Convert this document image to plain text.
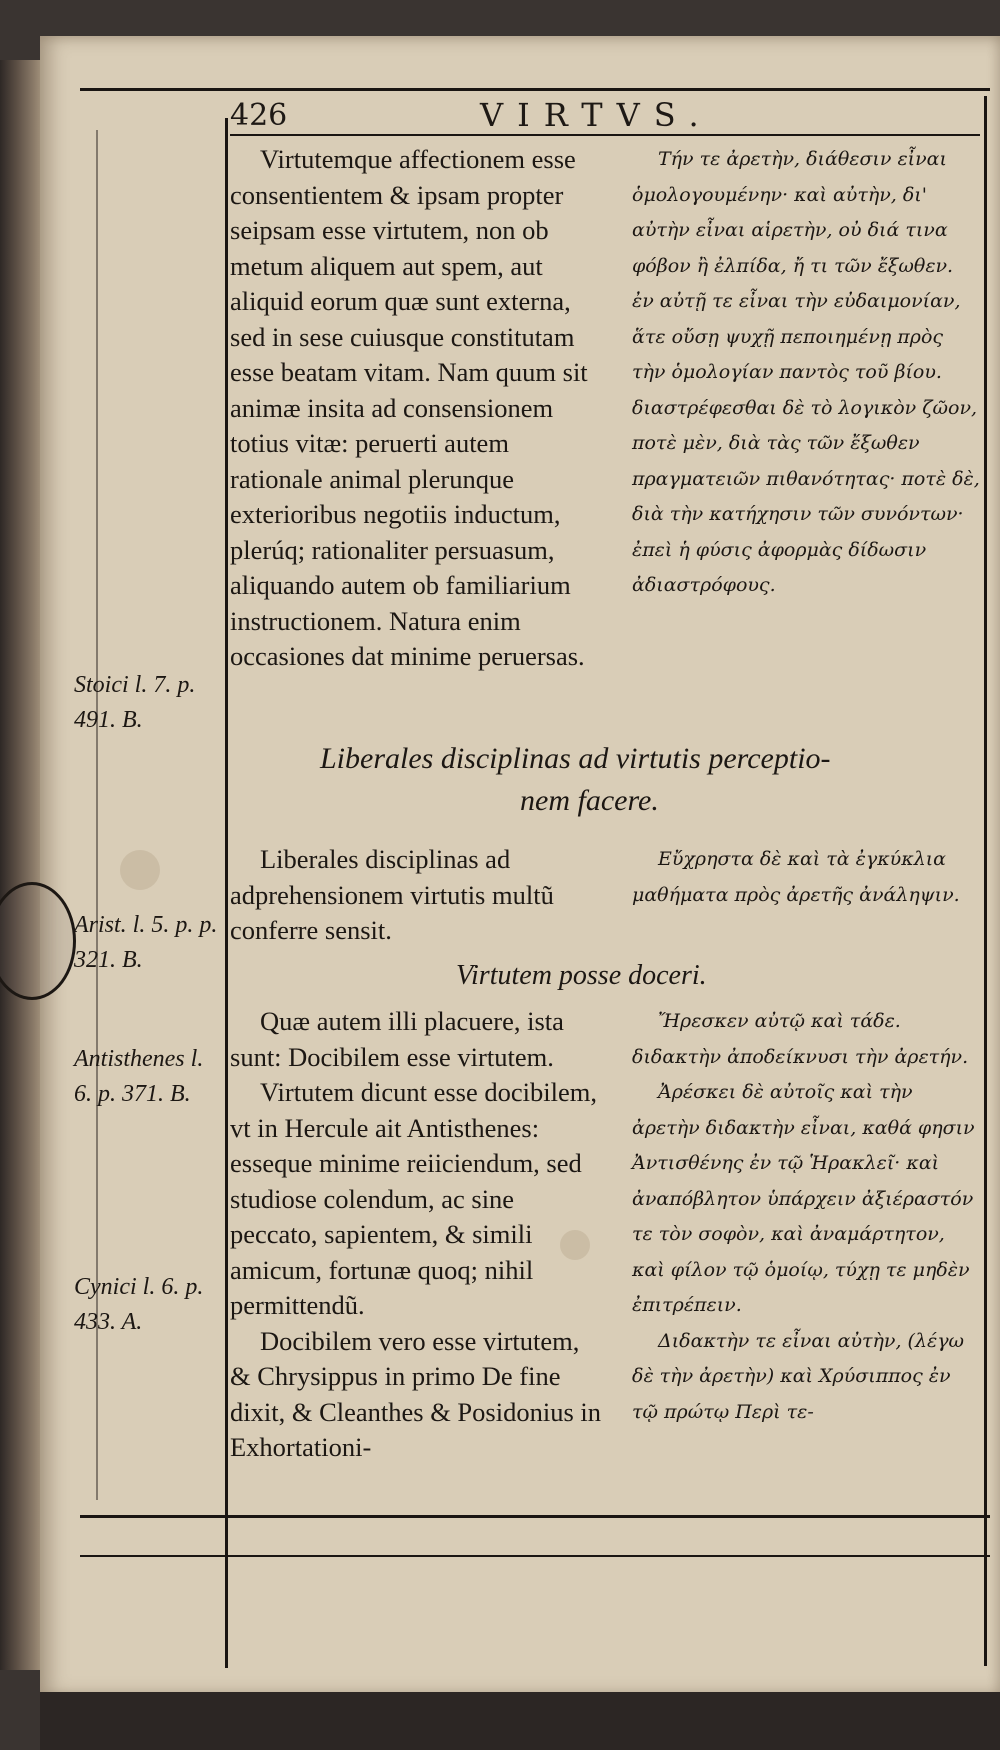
426	VIRTVS.

Virtutemque affectionem esse consentientem & ipsam propter seipsam esse virtutem, non ob metum aliquem aut spem, aut aliquid eorum quæ sunt externa, sed in sese cuiusque constitutam esse beatam vitam. Nam quum sit animæ insita ad consensionem totius vitæ: peruerti autem rationale animal plerunque exterioribus negotiis inductum, plerúq; rationaliter persuasum, aliquando autem ob familiarium instructionem. Natura enim occasiones dat minime peruersas.

Τήν τε ἀρετὴν, διάθεσιν εἶναι ὁμολογουμένην· καὶ αὐτὴν, δι' αὐτὴν εἶναι αἱρετὴν, οὐ διά τινα φόβον ἢ ἐλπίδα, ἤ τι τῶν ἔξωθεν. ἐν αὐτῇ τε εἶναι τὴν εὐδαιμονίαν, ἅτε οὔσῃ ψυχῇ πεποιημένῃ πρὸς τὴν ὁμολογίαν παντὸς τοῦ βίου. διαστρέφεσθαι δὲ τὸ λογικὸν ζῶον, ποτὲ μὲν, διὰ τὰς τῶν ἔξωθεν πραγματειῶν πιθανότητας· ποτὲ δὲ, διὰ τὴν κατήχησιν τῶν συνόντων· ἐπεὶ ἡ φύσις ἀφορμὰς δίδωσιν ἀδιαστρόφους.

Stoici l. 7. p. 491. B.
Liberales disciplinas ad virtutis perceptio-
nem facere.

Liberales disciplinas ad adprehensionem virtutis multũ conferre sensit.

Εὔχρηστα δὲ καὶ τὰ ἐγκύκλια μαθήματα πρὸς ἀρετῆς ἀνάληψιν.

Arist. l. 5. p. p. 321. B.	Virtutem posse doceri.

Quæ autem illi placuere, ista sunt: Docibilem esse virtutem.

Virtutem dicunt esse docibilem, vt in Hercule ait Antisthenes: esseque minime reiiciendum, sed studiose colendum, ac sine peccato, sapientem, & simili amicum, fortunæ quoq; nihil permittendũ.

Docibilem vero esse virtutem, & Chrysippus in primo De fine dixit, & Cleanthes & Posidonius in Exhortationi-

Ἤρεσκεν αὐτῷ καὶ τάδε. διδακτὴν ἀποδείκνυσι τὴν ἀρετήν.

Ἀρέσκει δὲ αὐτοῖς καὶ τὴν ἀρετὴν διδακτὴν εἶναι, καθά φησιν Ἀντισθένης ἐν τῷ Ἡρακλεῖ· καὶ ἀναπόβλητον ὑπάρχειν ἀξιέραστόν τε τὸν σοφὸν, καὶ ἀναμάρτητον, καὶ φίλον τῷ ὁμοίῳ, τύχῃ τε μηδὲν ἐπιτρέπειν.

Διδακτὴν τε εἶναι αὐτὴν, (λέγω δὲ τὴν ἀρετὴν) καὶ Χρύσιππος ἐν τῷ πρώτῳ Περὶ τε-

Antisthenes l. 6. p. 371. B.
Cynici l. 6. p. 433. A.
